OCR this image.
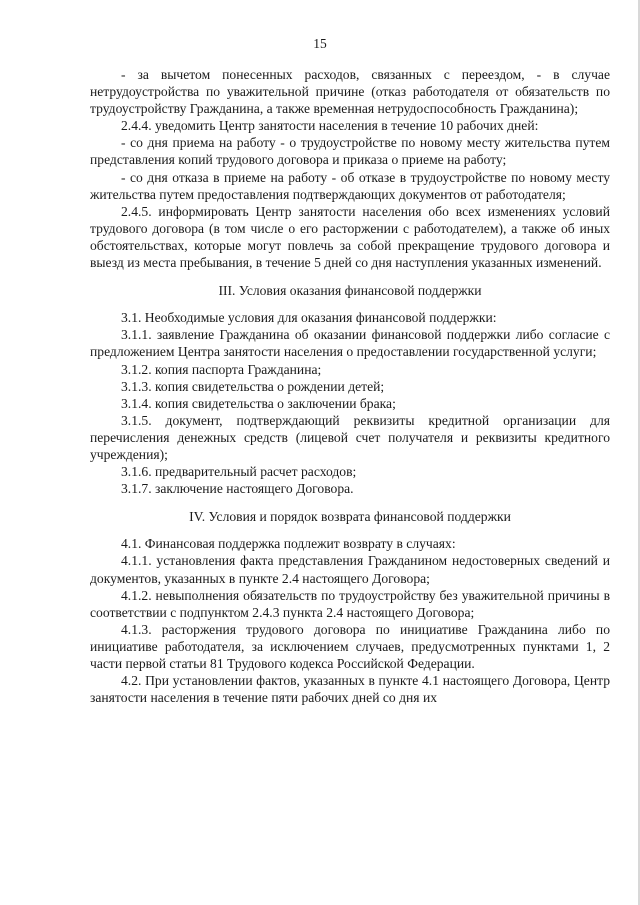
15

- за вычетом понесенных расходов, связанных с переездом, - в случае нетрудоустройства по уважительной причине (отказ работодателя от обязательств по трудоустройству Гражданина, а также временная нетрудоспособность Гражданина);

2.4.4. уведомить Центр занятости населения в течение 10 рабочих дней:

- со дня приема на работу - о трудоустройстве по новому месту жительства путем представления копий трудового договора и приказа о приеме на работу;

- со дня отказа в приеме на работу - об отказе в трудоустройстве по новому месту жительства путем предоставления подтверждающих документов от работодателя;

2.4.5. информировать Центр занятости населения обо всех изменениях условий трудового договора (в том числе о его расторжении с работодателем), а также об иных обстоятельствах, которые могут повлечь за собой прекращение трудового договора и выезд из места пребывания, в течение 5 дней со дня наступления указанных изменений.

III. Условия оказания финансовой поддержки

3.1. Необходимые условия для оказания финансовой поддержки:

3.1.1. заявление Гражданина об оказании финансовой поддержки либо согласие с предложением Центра занятости населения о предоставлении государственной услуги;

3.1.2. копия паспорта Гражданина;

3.1.3. копия свидетельства о рождении детей;

3.1.4. копия свидетельства о заключении брака;

3.1.5. документ, подтверждающий реквизиты кредитной организации для перечисления денежных средств (лицевой счет получателя и реквизиты кредитного учреждения);

3.1.6. предварительный расчет расходов;

3.1.7. заключение настоящего Договора.

IV. Условия и порядок возврата финансовой поддержки

4.1. Финансовая поддержка подлежит возврату в случаях:

4.1.1. установления факта представления Гражданином недостоверных сведений и документов, указанных в пункте 2.4 настоящего Договора;

4.1.2. невыполнения обязательств по трудоустройству без уважительной причины в соответствии с подпунктом 2.4.3 пункта 2.4 настоящего Договора;

4.1.3. расторжения трудового договора по инициативе Гражданина либо по инициативе работодателя, за исключением случаев, предусмотренных пунктами 1, 2 части первой статьи 81 Трудового кодекса Российской Федерации.

4.2. При установлении фактов, указанных в пункте 4.1 настоящего Договора, Центр занятости населения в течение пяти рабочих дней со дня их
